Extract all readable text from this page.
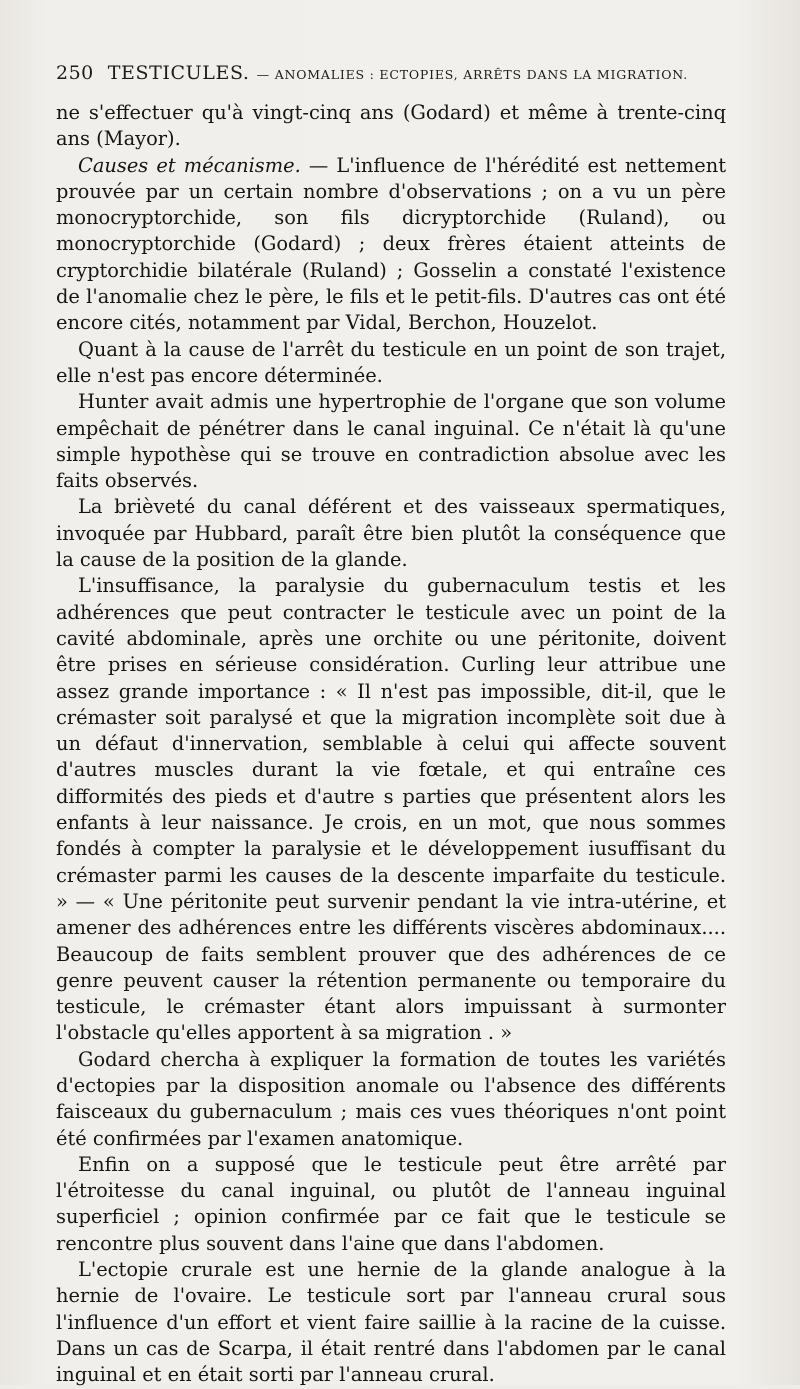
250 TESTICULES. — ANOMALIES : ECTOPIES, ARRÊTS DANS LA MIGRATION.

ne s'effectuer qu'à vingt-cinq ans (Godard) et même à trente-cinq ans (Mayor).

Causes et mécanisme. — L'influence de l'hérédité est nettement prouvée par un certain nombre d'observations ; on a vu un père monocryptorchide, son fils dicryptorchide (Ruland), ou monocryptorchide (Godard) ; deux frères étaient atteints de cryptorchidie bilatérale (Ruland) ; Gosselin a constaté l'existence de l'anomalie chez le père, le fils et le petit-fils. D'autres cas ont été encore cités, notamment par Vidal, Berchon, Houzelot.

Quant à la cause de l'arrêt du testicule en un point de son trajet, elle n'est pas encore déterminée.

Hunter avait admis une hypertrophie de l'organe que son volume empêchait de pénétrer dans le canal inguinal. Ce n'était là qu'une simple hypothèse qui se trouve en contradiction absolue avec les faits observés.

La brièveté du canal déférent et des vaisseaux spermatiques, invoquée par Hubbard, paraît être bien plutôt la conséquence que la cause de la position de la glande.

L'insuffisance, la paralysie du gubernaculum testis et les adhérences que peut contracter le testicule avec un point de la cavité abdominale, après une orchite ou une péritonite, doivent être prises en sérieuse considération. Curling leur attribue une assez grande importance : « Il n'est pas impossible, dit-il, que le crémaster soit paralysé et que la migration incomplète soit due à un défaut d'innervation, semblable à celui qui affecte souvent d'autres muscles durant la vie fœtale, et qui entraîne ces difformités des pieds et d'autre s parties que présentent alors les enfants à leur naissance. Je crois, en un mot, que nous sommes fondés à compter la paralysie et le développement iusuffisant du crémaster parmi les causes de la descente imparfaite du testicule. » — « Une péritonite peut survenir pendant la vie intra-utérine, et amener des adhérences entre les différents viscères abdominaux.... Beaucoup de faits semblent prouver que des adhérences de ce genre peuvent causer la rétention permanente ou temporaire du testicule, le crémaster étant alors impuissant à surmonter l'obstacle qu'elles apportent à sa migration . »

Godard chercha à expliquer la formation de toutes les variétés d'ectopies par la disposition anomale ou l'absence des différents faisceaux du gubernaculum ; mais ces vues théoriques n'ont point été confirmées par l'examen anatomique.

Enfin on a supposé que le testicule peut être arrêté par l'étroitesse du canal inguinal, ou plutôt de l'anneau inguinal superficiel ; opinion confirmée par ce fait que le testicule se rencontre plus souvent dans l'aine que dans l'abdomen.

L'ectopie crurale est une hernie de la glande analogue à la hernie de l'ovaire. Le testicule sort par l'anneau crural sous l'influence d'un effort et vient faire saillie à la racine de la cuisse. Dans un cas de Scarpa, il était rentré dans l'abdomen par le canal inguinal et en était sorti par l'anneau crural.
